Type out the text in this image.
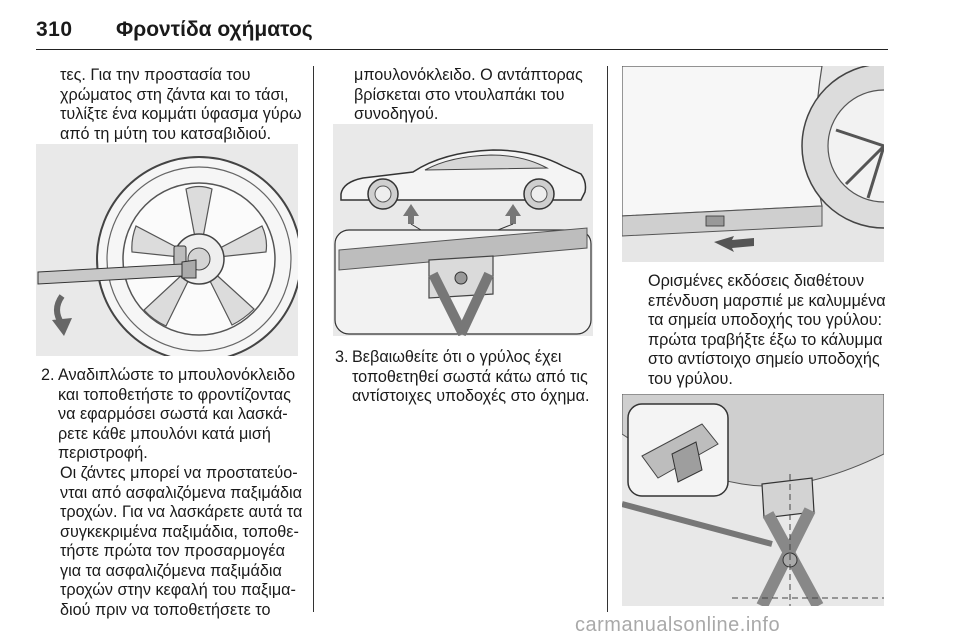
310 Φροντίδα οχήματος
τες. Για την προστασία του
χρώματος στη ζάντα και το τάσι,
τυλίξτε ένα κομμάτι ύφασμα γύρω
από τη μύτη του κατσαβιδιού.
2. Αναδιπλώστε το μπουλονόκλειδο
και τοποθετήστε το φροντίζοντας
να εφαρμόσει σωστά και λασκά-
ρετε κάθε μπουλόνι κατά μισή
περιστροφή.
Οι ζάντες μπορεί να προστατεύο-
νται από ασφαλιζόμενα παξιμάδια
τροχών. Για να λασκάρετε αυτά τα
συγκεκριμένα παξιμάδια, τοποθε-
τήστε πρώτα τον προσαρμογέα
για τα ασφαλιζόμενα παξιμάδια
τροχών στην κεφαλή του παξιμα-
διού πριν να τοποθετήσετε το
μπουλονόκλειδο. Ο αντάπτορας
βρίσκεται στο ντουλαπάκι του
συνοδηγού.
3. Βεβαιωθείτε ότι ο γρύλος έχει
τοποθετηθεί σωστά κάτω από τις
αντίστοιχες υποδοχές στο όχημα.
Ορισμένες εκδόσεις διαθέτουν
επένδυση μαρσπιέ με καλυμμένα
τα σημεία υποδοχής του γρύλου:
πρώτα τραβήξτε έξω το κάλυμμα
στο αντίστοιχο σημείο υποδοχής
του γρύλου.
carmanualsonline.info
